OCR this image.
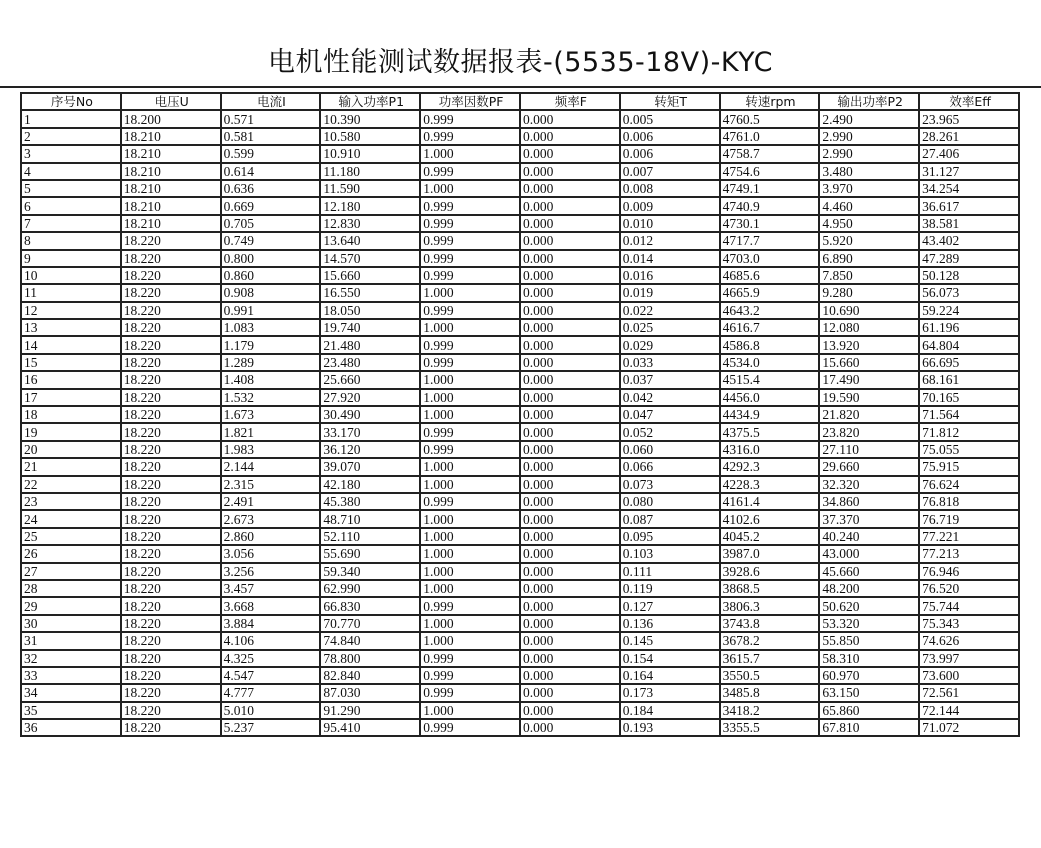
电机性能测试数据报表-(5535-18V)-KYC
序号No	电压U	电流I	输入功率P1	功率因数PF	频率F	转矩T	转速rpm	输出功率P2	效率Eff
1	18.200	0.571	10.390	0.999	0.000	0.005	4760.5	2.490	23.965
2	18.210	0.581	10.580	0.999	0.000	0.006	4761.0	2.990	28.261
3	18.210	0.599	10.910	1.000	0.000	0.006	4758.7	2.990	27.406
4	18.210	0.614	11.180	0.999	0.000	0.007	4754.6	3.480	31.127
5	18.210	0.636	11.590	1.000	0.000	0.008	4749.1	3.970	34.254
6	18.210	0.669	12.180	0.999	0.000	0.009	4740.9	4.460	36.617
7	18.210	0.705	12.830	0.999	0.000	0.010	4730.1	4.950	38.581
8	18.220	0.749	13.640	0.999	0.000	0.012	4717.7	5.920	43.402
9	18.220	0.800	14.570	0.999	0.000	0.014	4703.0	6.890	47.289
10	18.220	0.860	15.660	0.999	0.000	0.016	4685.6	7.850	50.128
11	18.220	0.908	16.550	1.000	0.000	0.019	4665.9	9.280	56.073
12	18.220	0.991	18.050	0.999	0.000	0.022	4643.2	10.690	59.224
13	18.220	1.083	19.740	1.000	0.000	0.025	4616.7	12.080	61.196
14	18.220	1.179	21.480	0.999	0.000	0.029	4586.8	13.920	64.804
15	18.220	1.289	23.480	0.999	0.000	0.033	4534.0	15.660	66.695
16	18.220	1.408	25.660	1.000	0.000	0.037	4515.4	17.490	68.161
17	18.220	1.532	27.920	1.000	0.000	0.042	4456.0	19.590	70.165
18	18.220	1.673	30.490	1.000	0.000	0.047	4434.9	21.820	71.564
19	18.220	1.821	33.170	0.999	0.000	0.052	4375.5	23.820	71.812
20	18.220	1.983	36.120	0.999	0.000	0.060	4316.0	27.110	75.055
21	18.220	2.144	39.070	1.000	0.000	0.066	4292.3	29.660	75.915
22	18.220	2.315	42.180	1.000	0.000	0.073	4228.3	32.320	76.624
23	18.220	2.491	45.380	0.999	0.000	0.080	4161.4	34.860	76.818
24	18.220	2.673	48.710	1.000	0.000	0.087	4102.6	37.370	76.719
25	18.220	2.860	52.110	1.000	0.000	0.095	4045.2	40.240	77.221
26	18.220	3.056	55.690	1.000	0.000	0.103	3987.0	43.000	77.213
27	18.220	3.256	59.340	1.000	0.000	0.111	3928.6	45.660	76.946
28	18.220	3.457	62.990	1.000	0.000	0.119	3868.5	48.200	76.520
29	18.220	3.668	66.830	0.999	0.000	0.127	3806.3	50.620	75.744
30	18.220	3.884	70.770	1.000	0.000	0.136	3743.8	53.320	75.343
31	18.220	4.106	74.840	1.000	0.000	0.145	3678.2	55.850	74.626
32	18.220	4.325	78.800	0.999	0.000	0.154	3615.7	58.310	73.997
33	18.220	4.547	82.840	0.999	0.000	0.164	3550.5	60.970	73.600
34	18.220	4.777	87.030	0.999	0.000	0.173	3485.8	63.150	72.561
35	18.220	5.010	91.290	1.000	0.000	0.184	3418.2	65.860	72.144
36	18.220	5.237	95.410	0.999	0.000	0.193	3355.5	67.810	71.072
